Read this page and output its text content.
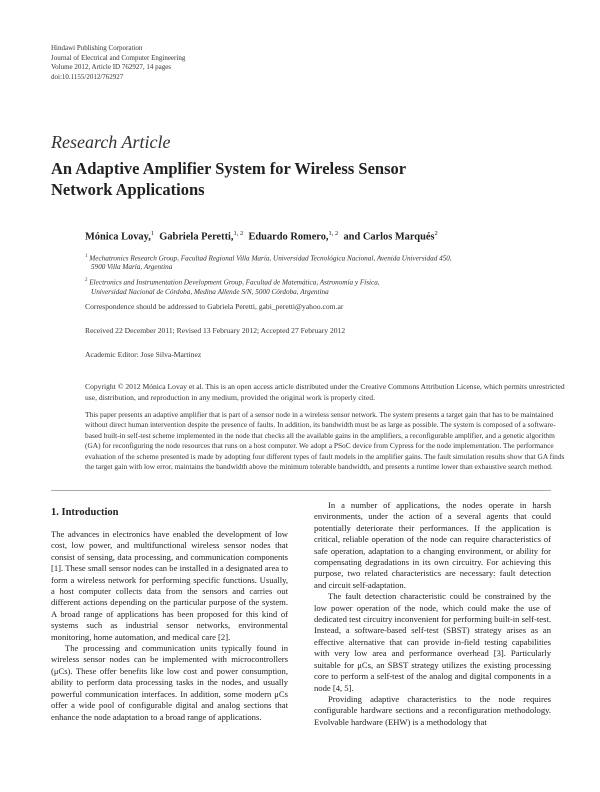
Hindawi Publishing Corporation
Journal of Electrical and Computer Engineering
Volume 2012, Article ID 762927, 14 pages
doi:10.1155/2012/762927
Research Article
An Adaptive Amplifier System for Wireless Sensor Network Applications
Mónica Lovay,$^1$ Gabriela Peretti,$^{1, 2}$ Eduardo Romero,$^{1, 2}$ and Carlos Marqués$^2$
$^1$ Mechatronics Research Group, Facultad Regional Villa María, Universidad Tecnológica Nacional, Avenida Universidad 450,
5900 Villa María, Argentina
$^2$ Electronics and Instrumentation Development Group, Facultad de Matemática, Astronomía y Física,
Universidad Nacional de Córdoba, Medina Allende S/N, 5000 Córdoba, Argentina
Correspondence should be addressed to Gabriela Peretti, gabi_peretti@yahoo.com.ar
Received 22 December 2011; Revised 13 February 2012; Accepted 27 February 2012
Academic Editor: Jose Silva-Martinez
Copyright © 2012 Mónica Lovay et al. This is an open access article distributed under the Creative Commons Attribution License, which permits unrestricted use, distribution, and reproduction in any medium, provided the original work is properly cited.
This paper presents an adaptive amplifier that is part of a sensor node in a wireless sensor network. The system presents a target gain that has to be maintained without direct human intervention despite the presence of faults. In addition, its bandwidth must be as large as possible. The system is composed of a software-based built-in self-test scheme implemented in the node that checks all the available gains in the amplifiers, a reconfigurable amplifier, and a genetic algorithm (GA) for reconfiguring the node resources that runs on a host computer. We adopt a PSoC device from Cypress for the node implementation. The performance evaluation of the scheme presented is made by adopting four different types of fault models in the amplifier gains. The fault simulation results show that GA finds the target gain with low error, maintains the bandwidth above the minimum tolerable bandwidth, and presents a runtime lower than exhaustive search method.
1. Introduction

The advances in electronics have enabled the development of low cost, low power, and multifunctional wireless sensor nodes that consist of sensing, data processing, and communication components [1]. These small sensor nodes can be installed in a designated area to form a wireless network for performing specific functions. Usually, a host computer collects data from the sensors and carries out different actions depending on the particular purpose of the system. A broad range of applications has been proposed for this kind of systems such as industrial sensor networks, environmental monitoring, home automation, and medical care [2].

The processing and communication units typically found in wireless sensor nodes can be implemented with microcontrollers (μCs). These offer benefits like low cost and power consumption, ability to perform data processing tasks in the nodes, and usually powerful communication interfaces. In addition, some modern μCs offer a wide pool of configurable digital and analog sections that enhance the node adaptation to a broad range of applications.

In a number of applications, the nodes operate in harsh environments, under the action of a several agents that could potentially deteriorate their performances. If the application is critical, reliable operation of the node can require characteristics of safe operation, adaptation to a changing environment, or ability for compensating degradations in its own circuitry. For achieving this purpose, two related characteristics are necessary: fault detection and circuit self-adaptation.

The fault detection characteristic could be constrained by the low power operation of the node, which could make the use of dedicated test circuitry inconvenient for performing built-in self-test. Instead, a software-based self-test (SBST) strategy arises as an effective alternative that can provide in-field testing capabilities with very low area and performance overhead [3]. Particularly suitable for μCs, an SBST strategy utilizes the existing processing core to perform a self-test of the analog and digital components in a node [4, 5].

Providing adaptive characteristics to the node requires configurable hardware sections and a reconfiguration methodology. Evolvable hardware (EHW) is a methodology that
